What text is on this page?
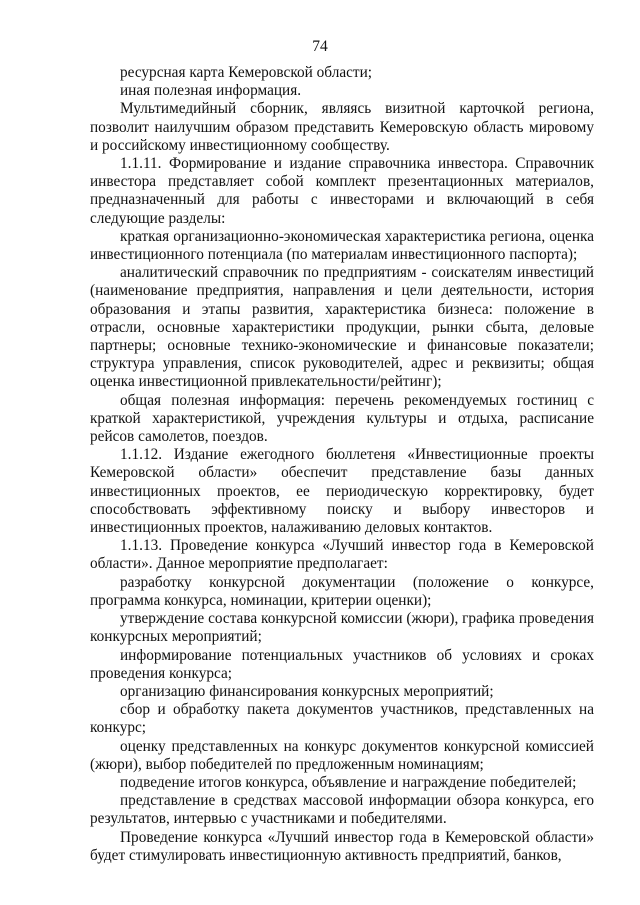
74

ресурсная карта Кемеровской области;

иная полезная информация.

Мультимедийный сборник, являясь визитной карточкой региона, позволит наилучшим образом представить Кемеровскую область мировому и российскому инвестиционному сообществу.

1.1.11. Формирование и издание справочника инвестора. Справочник инвестора представляет собой комплект презентационных материалов, предназначенный для работы с инвесторами и включающий в себя следующие разделы:

краткая организационно-экономическая характеристика региона, оценка инвестиционного потенциала (по материалам инвестиционного паспорта);

аналитический справочник по предприятиям - соискателям инвестиций (наименование предприятия, направления и цели деятельности, история образования и этапы развития, характеристика бизнеса: положение в отрасли, основные характеристики продукции, рынки сбыта, деловые партнеры; основные технико-экономические и финансовые показатели; структура управления, список руководителей, адрес и реквизиты; общая оценка инвестиционной привлекательности/рейтинг);

общая полезная информация: перечень рекомендуемых гостиниц с краткой характеристикой, учреждения культуры и отдыха, расписание рейсов самолетов, поездов.

1.1.12. Издание ежегодного бюллетеня «Инвестиционные проекты Кемеровской области» обеспечит представление базы данных инвестиционных проектов, ее периодическую корректировку, будет способствовать эффективному поиску и выбору инвесторов и инвестиционных проектов, налаживанию деловых контактов.

1.1.13. Проведение конкурса «Лучший инвестор года в Кемеровской области». Данное мероприятие предполагает:

разработку конкурсной документации (положение о конкурсе, программа конкурса, номинации, критерии оценки);

утверждение состава конкурсной комиссии (жюри), графика проведения конкурсных мероприятий;

информирование потенциальных участников об условиях и сроках проведения конкурса;

организацию финансирования конкурсных мероприятий;

сбор и обработку пакета документов участников, представленных на конкурс;

оценку представленных на конкурс документов конкурсной комиссией (жюри), выбор победителей по предложенным номинациям;

подведение итогов конкурса, объявление и награждение победителей;

представление в средствах массовой информации обзора конкурса, его результатов, интервью с участниками и победителями.

Проведение конкурса «Лучший инвестор года в Кемеровской области» будет стимулировать инвестиционную активность предприятий, банков,
